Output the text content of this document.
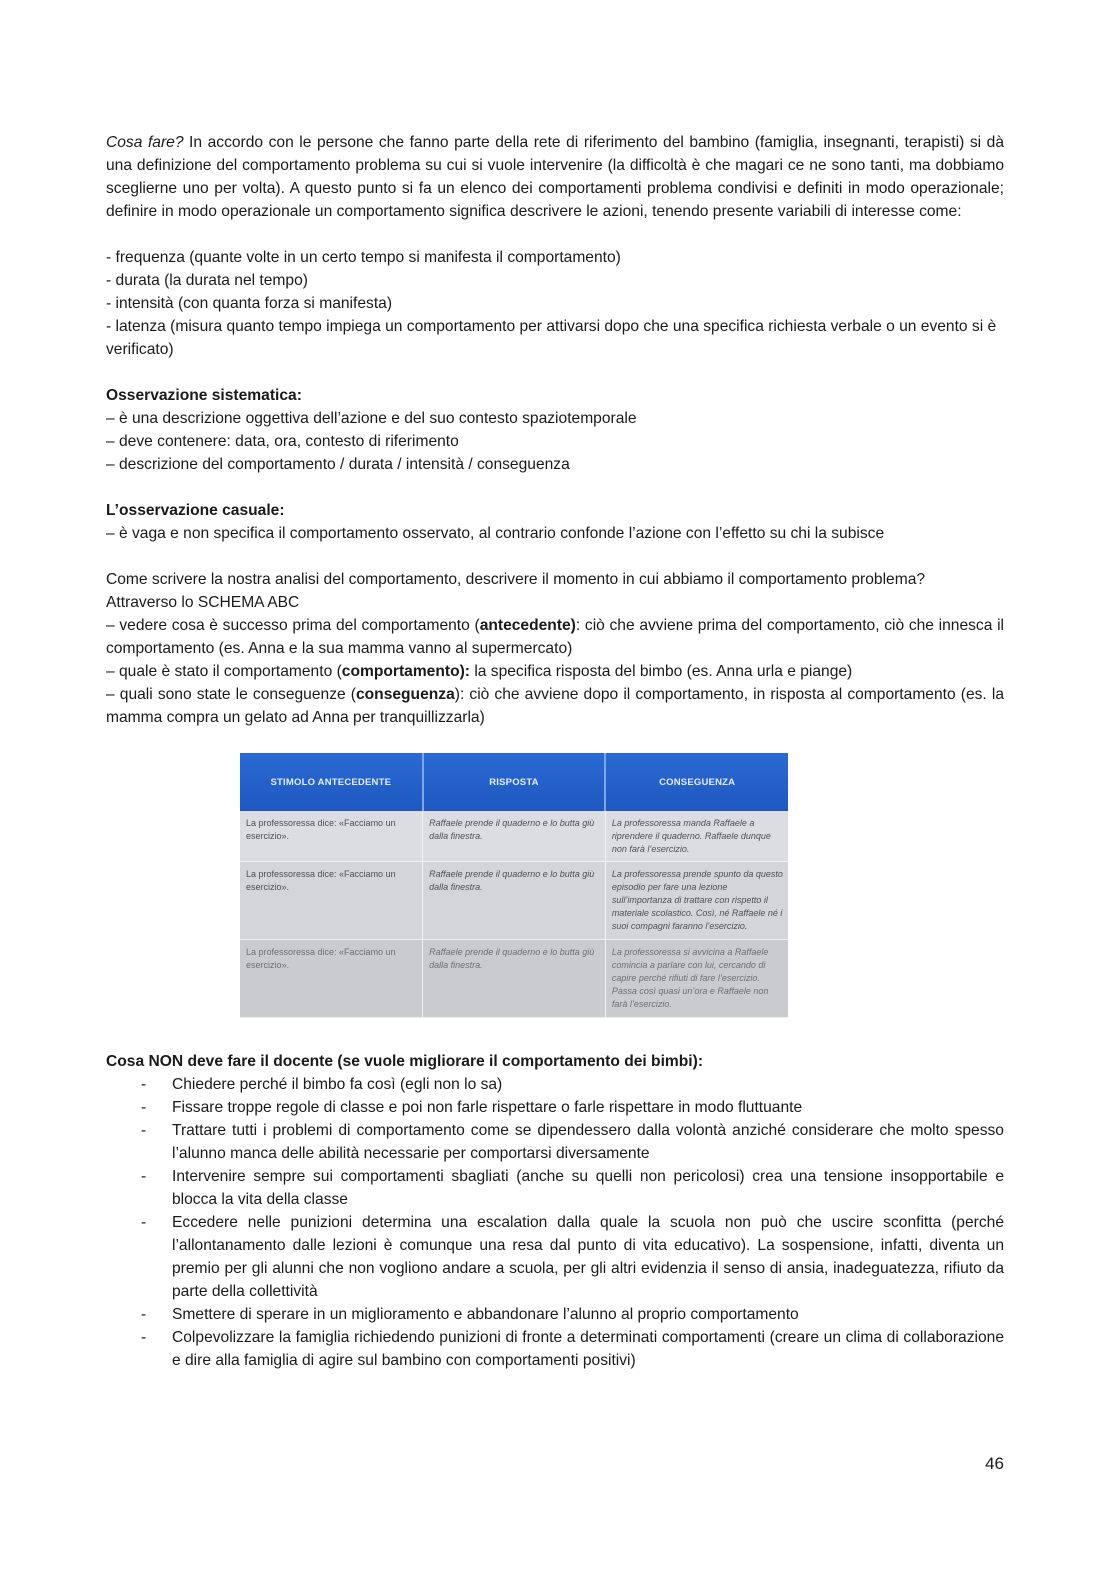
Cosa fare? In accordo con le persone che fanno parte della rete di riferimento del bambino (famiglia, insegnanti, terapisti) si dà una definizione del comportamento problema su cui si vuole intervenire (la difficoltà è che magari ce ne sono tanti, ma dobbiamo sceglierne uno per volta). A questo punto si fa un elenco dei comportamenti problema condivisi e definiti in modo operazionale; definire in modo operazionale un comportamento significa descrivere le azioni, tenendo presente variabili di interesse come:

- frequenza (quante volte in un certo tempo si manifesta il comportamento)

- durata (la durata nel tempo)

- intensità (con quanta forza si manifesta)

- latenza (misura quanto tempo impiega un comportamento per attivarsi dopo che una specifica richiesta verbale o un evento si è verificato)

Osservazione sistematica:

– è una descrizione oggettiva dell’azione e del suo contesto spaziotemporale

– deve contenere: data, ora, contesto di riferimento

– descrizione del comportamento / durata / intensità / conseguenza

L’osservazione casuale:

– è vaga e non specifica il comportamento osservato, al contrario confonde l’azione con l’effetto su chi la subisce

Come scrivere la nostra analisi del comportamento, descrivere il momento in cui abbiamo il comportamento problema?

Attraverso lo SCHEMA ABC

– vedere cosa è successo prima del comportamento (antecedente): ciò che avviene prima del comportamento, ciò che innesca il comportamento (es. Anna e la sua mamma vanno al supermercato)

– quale è stato il comportamento (comportamento): la specifica risposta del bimbo (es. Anna urla e piange)

– quali sono state le conseguenze (conseguenza): ciò che avviene dopo il comportamento, in risposta al comportamento (es. la mamma compra un gelato ad Anna per tranquillizzarla)

STIMOLO ANTECEDENTE	RISPOSTA	CONSEGUENZA
La professoressa dice: «Facciamo un esercizio».	Raffaele prende il quaderno e lo butta giù dalla finestra.	La professoressa manda Raffaele a riprendere il quaderno. Raffaele dunque non farà l’esercizio.
La professoressa dice: «Facciamo un esercizio».	Raffaele prende il quaderno e lo butta giù dalla finestra.	La professoressa prende spunto da questo episodio per fare una lezione sull’importanza di trattare con rispetto il materiale scolastico. Così, né Raffaele né i suoi compagni faranno l’esercizio.
La professoressa dice: «Facciamo un esercizio».	Raffaele prende il quaderno e lo butta giù dalla finestra.	La professoressa si avvicina a Raffaele comincia a parlare con lui, cercando di capire perché rifiuti di fare l’esercizio. Passa così quasi un’ora e Raffaele non farà l’esercizio.

Cosa NON deve fare il docente (se vuole migliorare il comportamento dei bimbi):

- Chiedere perché il bimbo fa così (egli non lo sa)
- Fissare troppe regole di classe e poi non farle rispettare o farle rispettare in modo fluttuante
- Trattare tutti i problemi di comportamento come se dipendessero dalla volontà anziché considerare che molto spesso l’alunno manca delle abilità necessarie per comportarsi diversamente
- Intervenire sempre sui comportamenti sbagliati (anche su quelli non pericolosi) crea una tensione insopportabile e blocca la vita della classe
- Eccedere nelle punizioni determina una escalation dalla quale la scuola non può che uscire sconfitta (perché l’allontanamento dalle lezioni è comunque una resa dal punto di vita educativo). La sospensione, infatti, diventa un premio per gli alunni che non vogliono andare a scuola, per gli altri evidenzia il senso di ansia, inadeguatezza, rifiuto da parte della collettività
- Smettere di sperare in un miglioramento e abbandonare l’alunno al proprio comportamento
- Colpevolizzare la famiglia richiedendo punizioni di fronte a determinati comportamenti (creare un clima di collaborazione e dire alla famiglia di agire sul bambino con comportamenti positivi)
46
